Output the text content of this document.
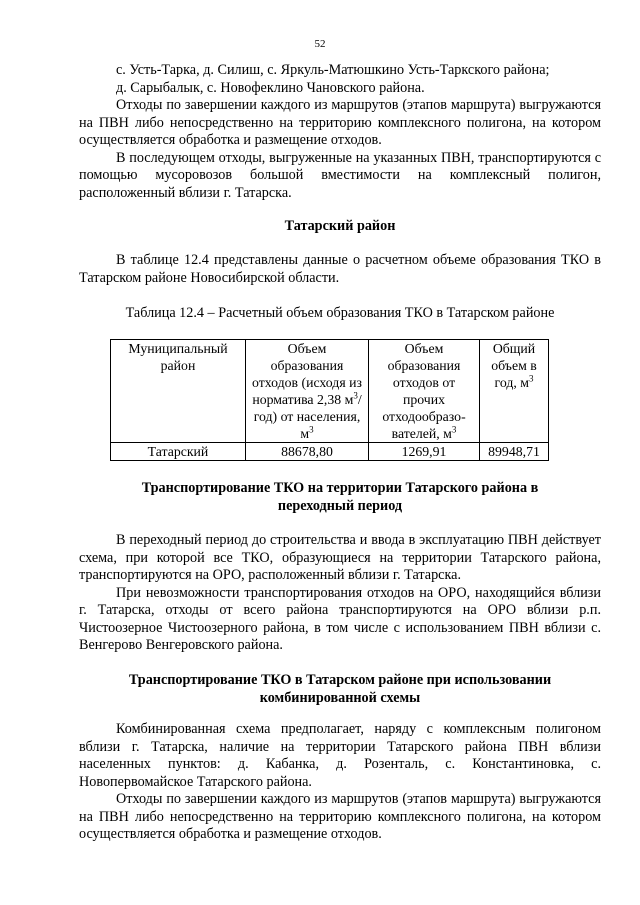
52

с. Усть-Тарка, д. Силиш, с. Яркуль-Матюшкино Усть-Таркского района;

д. Сарыбалык, с. Новофеклино Чановского района.

Отходы по завершении каждого из маршрутов (этапов маршрута) выгружаются на ПВН либо непосредственно на территорию комплексного полигона, на котором осуществляется обработка и размещение отходов.

В последующем отходы, выгруженные на указанных ПВН, транспортируются с помощью мусоровозов большой вместимости на комплексный полигон, расположенный вблизи г. Татарска.

Татарский район

В таблице 12.4 представлены данные о расчетном объеме образования ТКО в Татарском районе Новосибирской области.

Таблица 12.4 – Расчетный объем образования ТКО в Татарском районе
Муниципальный район	Объем образования отходов (исходя из норматива 2,38 $м^3/год$) от населения, $м^3$	Объем образования отходов от прочих отходообразо-вателей, $м^3$	Общий объем в год, $м^3$
Татарский	88678,80	1269,91	89948,71
Транспортирование ТКО на территории Татарского района в переходный период

В переходный период до строительства и ввода в эксплуатацию ПВН действует схема, при которой все ТКО, образующиеся на территории Татарского района, транспортируются на ОРО, расположенный вблизи г. Татарска.

При невозможности транспортирования отходов на ОРО, находящийся вблизи г. Татарска, отходы от всего района транспортируются на ОРО вблизи р.п. Чистоозерное Чистоозерного района, в том числе с использованием ПВН вблизи с. Венгерово Венгеровского района.

Транспортирование ТКО в Татарском районе при использовании комбинированной схемы

Комбинированная схема предполагает, наряду с комплексным полигоном вблизи г. Татарска, наличие на территории Татарского района ПВН вблизи населенных пунктов: д. Кабанка, д. Розенталь, с. Константиновка, с. Новопервомайское Татарского района.

Отходы по завершении каждого из маршрутов (этапов маршрута) выгружаются на ПВН либо непосредственно на территорию комплексного полигона, на котором осуществляется обработка и размещение отходов.
